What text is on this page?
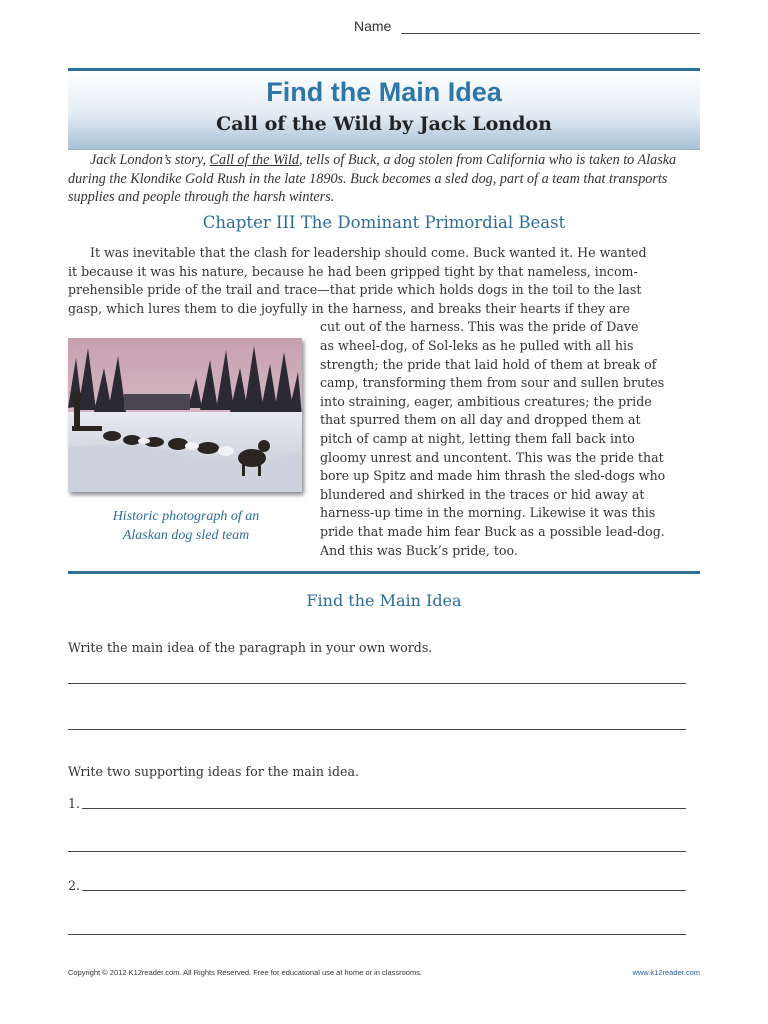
Name
Find the Main Idea
Call of the Wild by Jack London
Jack London’s story, Call of the Wild, tells of Buck, a dog stolen from California who is taken to Alaska during the Klondike Gold Rush in the late 1890s. Buck becomes a sled dog, part of a team that transports supplies and people through the harsh winters.
Chapter III The Dominant Primordial Beast
It was inevitable that the clash for leadership should come. Buck wanted it. He wanted
it because it was his nature, because he had been gripped tight by that nameless, incom-
prehensible pride of the trail and trace—that pride which holds dogs in the toil to the last
gasp, which lures them to die joyfully in the harness, and breaks their hearts if they are
cut out of the harness. This was the pride of Dave
as wheel-dog, of Sol-leks as he pulled with all his
strength; the pride that laid hold of them at break of
camp, transforming them from sour and sullen brutes
into straining, eager, ambitious creatures; the pride
that spurred them on all day and dropped them at
pitch of camp at night, letting them fall back into
gloomy unrest and uncontent. This was the pride that
bore up Spitz and made him thrash the sled-dogs who
blundered and shirked in the traces or hid away at
harness-up time in the morning. Likewise it was this
pride that made him fear Buck as a possible lead-dog.
And this was Buck’s pride, too.
Historic photograph of an
Alaskan dog sled team
Find the Main Idea
Write the main idea of the paragraph in your own words.
Write two supporting ideas for the main idea.
1.
2.
Copyright © 2012 K12reader.com. All Rights Reserved. Free for educational use at home or in classrooms.	www.k12reader.com
